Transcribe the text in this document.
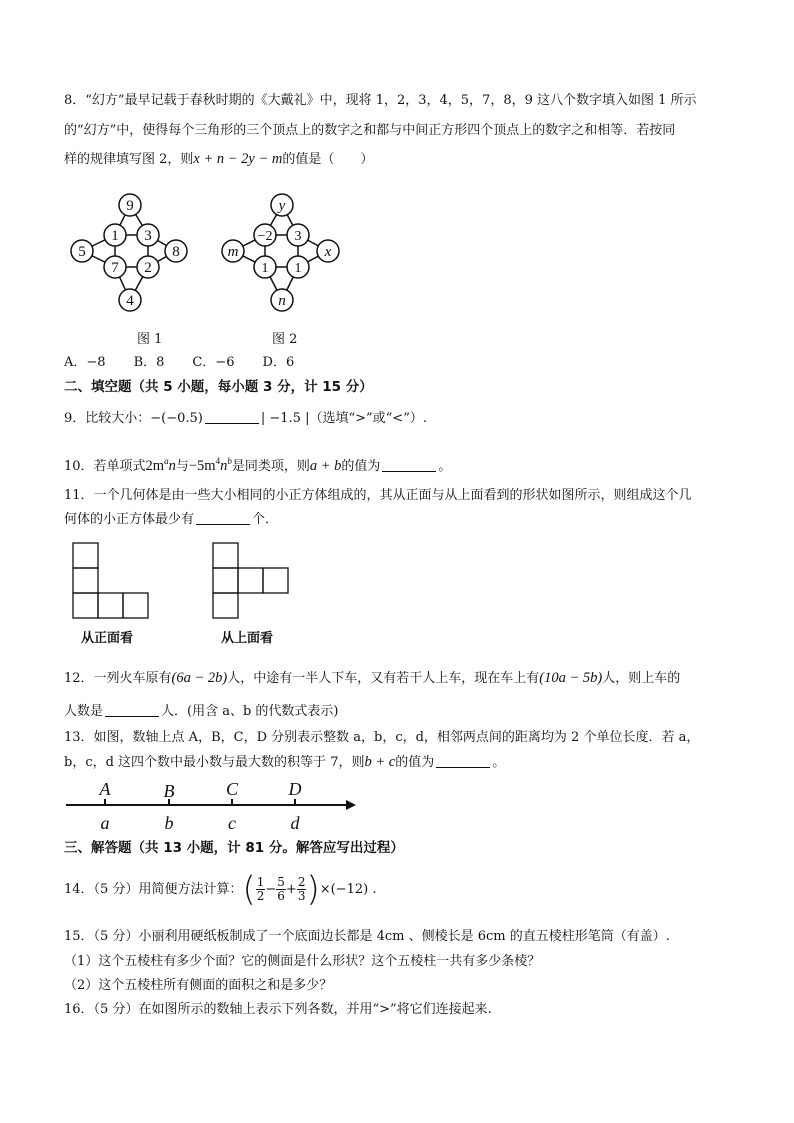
8．“幻方”最早记载于春秋时期的《大戴礼》中，现将 1，2，3，4，5，7，8，9 这八个数字填入如图 1 所示
的“幻方”中，使得每个三角形的三个顶点上的数字之和都与中间正方形四个顶点上的数字之和相等．若按同
样的规律填写图 2，则x + n − 2y − m的值是（　　）
9
1 3
5	8
7 2
4
图 1
y
m	x
n
−2 3
1 1
图 2
A．−8 B．8 C．−6 D．6
二、填空题（共 5 小题，每小题 3 分，计 15 分）
9．比较大小：−(−0.5)	| −1.5 |（选填“>”或“<”）.
10．若单项式$2m^an$与$-5m^4n^b$是同类项，则a + b的值为	。
11．一个几何体是由一些大小相同的小正方体组成的，其从正面与从上面看到的形状如图所示，则组成这个几
何体的小正方体最少有	个．
从正面看	从上面看
12．一列火车原有(6a − 2b)人，中途有一半人下车，又有若干人上车，现在车上有(10a − 5b)人，则上车的
人数是	人．(用含 a、b 的代数式表示)
13．如图，数轴上点 A，B，C，D 分别表示整数 a，b，c，d，相邻两点间的距离均为 2 个单位长度．若 a，
b，c，d 这四个数中最小数与最大数的积等于 7，则b + c的值为	。
A	B	C	D
a	b	c	d
三、解答题（共 13 小题，计 81 分。解答应写出过程）
14．（5 分）用简便方法计算：( $\frac{1}{2} - \frac{5}{6} + \frac{2}{3} )\times(-12)$ .
15．（5 分）小丽利用硬纸板制成了一个底面边长都是 4cm 、侧棱长是 6cm 的直五棱柱形笔筒（有盖）.
（1）这个五棱柱有多少个面？它的侧面是什么形状？这个五棱柱一共有多少条棱？
（2）这个五棱柱所有侧面的面积之和是多少？
16．（5 分）在如图所示的数轴上表示下列各数，并用“>”将它们连接起来.
